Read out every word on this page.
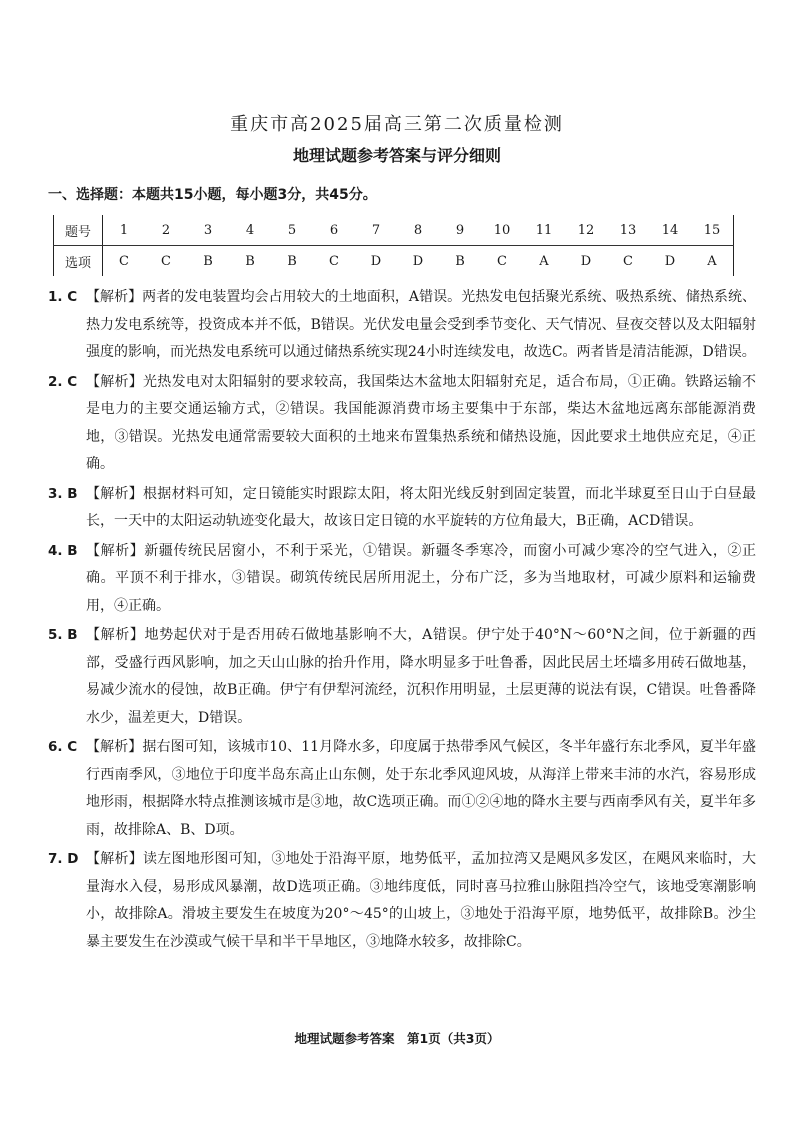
重庆市高2025届高三第二次质量检测
地理试题参考答案与评分细则
一、选择题：本题共15小题，每小题3分，共45分。
题号	1	2	3	4	5	6	7	8	9	10	11	12	13	14	15
选项	C	C	B	B	B	C	D	D	B	C	A	D	C	D	A
1. C 【解析】两者的发电装置均会占用较大的土地面积，A错误。光热发电包括聚光系统、吸热系统、储热系统、热力发电系统等，投资成本并不低，B错误。光伏发电量会受到季节变化、天气情况、昼夜交替以及太阳辐射强度的影响，而光热发电系统可以通过储热系统实现24小时连续发电，故选C。两者皆是清洁能源，D错误。
2. C 【解析】光热发电对太阳辐射的要求较高，我国柴达木盆地太阳辐射充足，适合布局，①正确。铁路运输不是电力的主要交通运输方式，②错误。我国能源消费市场主要集中于东部，柴达木盆地远离东部能源消费地，③错误。光热发电通常需要较大面积的土地来布置集热系统和储热设施，因此要求土地供应充足，④正确。
3. B 【解析】根据材料可知，定日镜能实时跟踪太阳，将太阳光线反射到固定装置，而北半球夏至日山于白昼最长，一天中的太阳运动轨迹变化最大，故该日定日镜的水平旋转的方位角最大，B正确，ACD错误。
4. B 【解析】新疆传统民居窗小，不利于采光，①错误。新疆冬季寒冷，而窗小可减少寒冷的空气进入，②正确。平顶不利于排水，③错误。砌筑传统民居所用泥土，分布广泛，多为当地取材，可减少原料和运输费用，④正确。
5. B 【解析】地势起伏对于是否用砖石做地基影响不大，A错误。伊宁处于40°N～60°N之间，位于新疆的西部，受盛行西风影响，加之天山山脉的抬升作用，降水明显多于吐鲁番，因此民居土坯墙多用砖石做地基，易减少流水的侵蚀，故B正确。伊宁有伊犁河流经，沉积作用明显，土层更薄的说法有误，C错误。吐鲁番降水少，温差更大，D错误。
6. C 【解析】据右图可知，该城市10、11月降水多，印度属于热带季风气候区，冬半年盛行东北季风，夏半年盛行西南季风，③地位于印度半岛东高止山东侧，处于东北季风迎风坡，从海洋上带来丰沛的水汽，容易形成地形雨，根据降水特点推测该城市是③地，故C选项正确。而①②④地的降水主要与西南季风有关，夏半年多雨，故排除A、B、D项。
7. D 【解析】读左图地形图可知，③地处于沿海平原，地势低平，孟加拉湾又是飓风多发区，在飓风来临时，大量海水入侵，易形成风暴潮，故D选项正确。③地纬度低，同时喜马拉雅山脉阻挡冷空气，该地受寒潮影响小，故排除A。滑坡主要发生在坡度为20°～45°的山坡上，③地处于沿海平原，地势低平，故排除B。沙尘暴主要发生在沙漠或气候干旱和半干旱地区，③地降水较多，故排除C。
地理试题参考答案　第1页（共3页）
